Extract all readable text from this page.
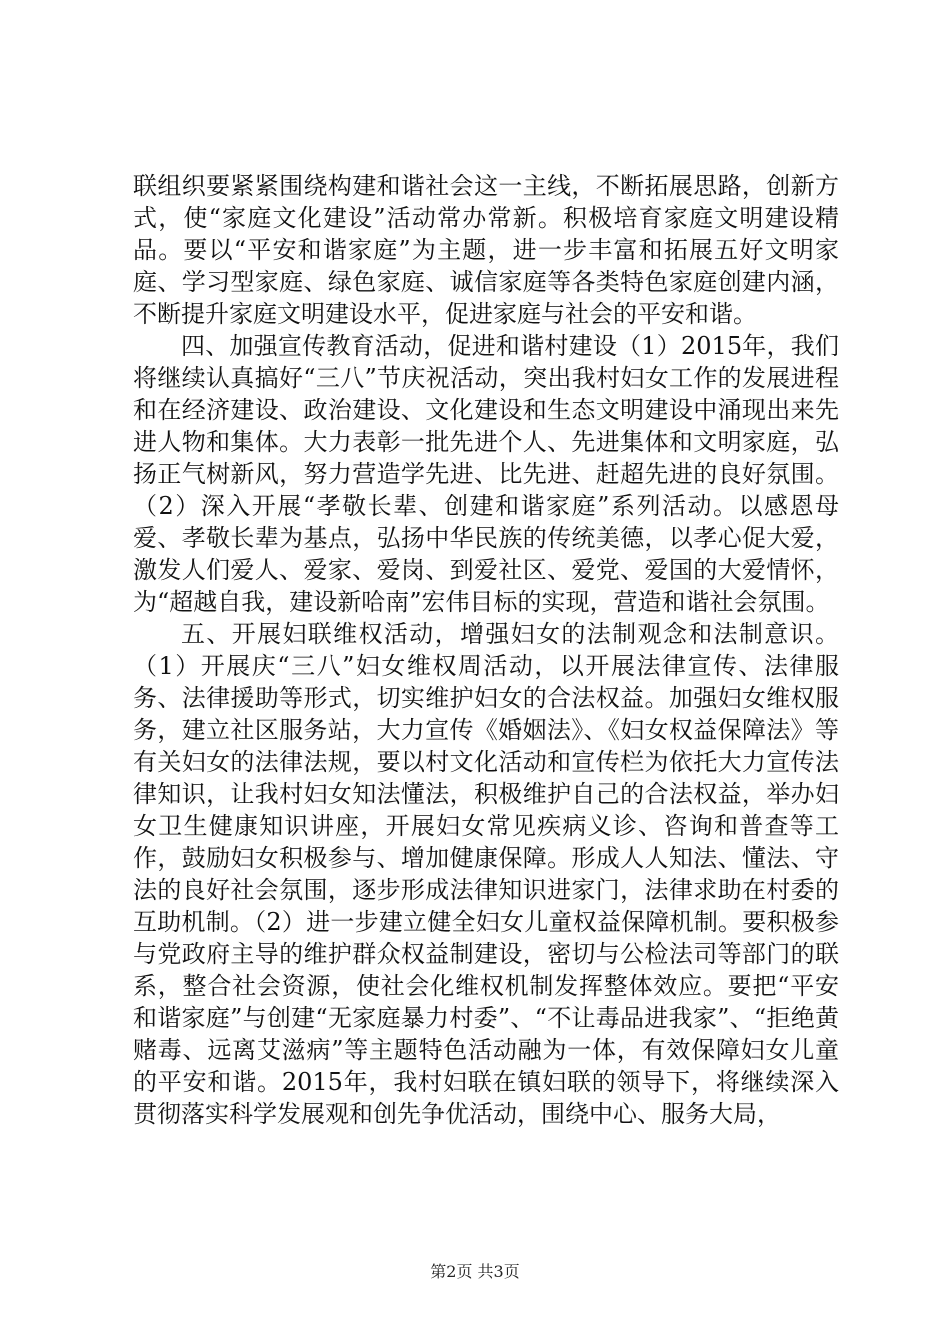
联组织要紧紧围绕构建和谐社会这一主线，不断拓展思路，创新方式，使“家庭文化建设”活动常办常新。积极培育家庭文明建设精品。要以“平安和谐家庭”为主题，进一步丰富和拓展五好文明家庭、学习型家庭、绿色家庭、诚信家庭等各类特色家庭创建内涵，不断提升家庭文明建设水平，促进家庭与社会的平安和谐。

四、加强宣传教育活动，促进和谐村建设（1）2015年，我们将继续认真搞好“三八”节庆祝活动，突出我村妇女工作的发展进程和在经济建设、政治建设、文化建设和生态文明建设中涌现出来先进人物和集体。大力表彰一批先进个人、先进集体和文明家庭，弘扬正气树新风，努力营造学先进、比先进、赶超先进的良好氛围。（2）深入开展“孝敬长辈、创建和谐家庭”系列活动。以感恩母爱、孝敬长辈为基点，弘扬中华民族的传统美德，以孝心促大爱，激发人们爱人、爱家、爱岗、到爱社区、爱党、爱国的大爱情怀，为“超越自我，建设新哈南”宏伟目标的实现，营造和谐社会氛围。

五、开展妇联维权活动，增强妇女的法制观念和法制意识。（1）开展庆“三八”妇女维权周活动，以开展法律宣传、法律服务、法律援助等形式，切实维护妇女的合法权益。加强妇女维权服务，建立社区服务站，大力宣传《婚姻法》、《妇女权益保障法》等有关妇女的法律法规，要以村文化活动和宣传栏为依托大力宣传法律知识，让我村妇女知法懂法，积极维护自己的合法权益，举办妇女卫生健康知识讲座，开展妇女常见疾病义诊、咨询和普查等工作，鼓励妇女积极参与、增加健康保障。形成人人知法、懂法、守法的良好社会氛围，逐步形成法律知识进家门，法律求助在村委的互助机制。（2）进一步建立健全妇女儿童权益保障机制。要积极参与党政府主导的维护群众权益制建设，密切与公检法司等部门的联系，整合社会资源，使社会化维权机制发挥整体效应。要把“平安和谐家庭”与创建“无家庭暴力村委”、“不让毒品进我家”、“拒绝黄赌毒、远离艾滋病”等主题特色活动融为一体，有效保障妇女儿童的平安和谐。2015年，我村妇联在镇妇联的领导下，将继续深入贯彻落实科学发展观和创先争优活动，围绕中心、服务大局，

第2页 共3页
